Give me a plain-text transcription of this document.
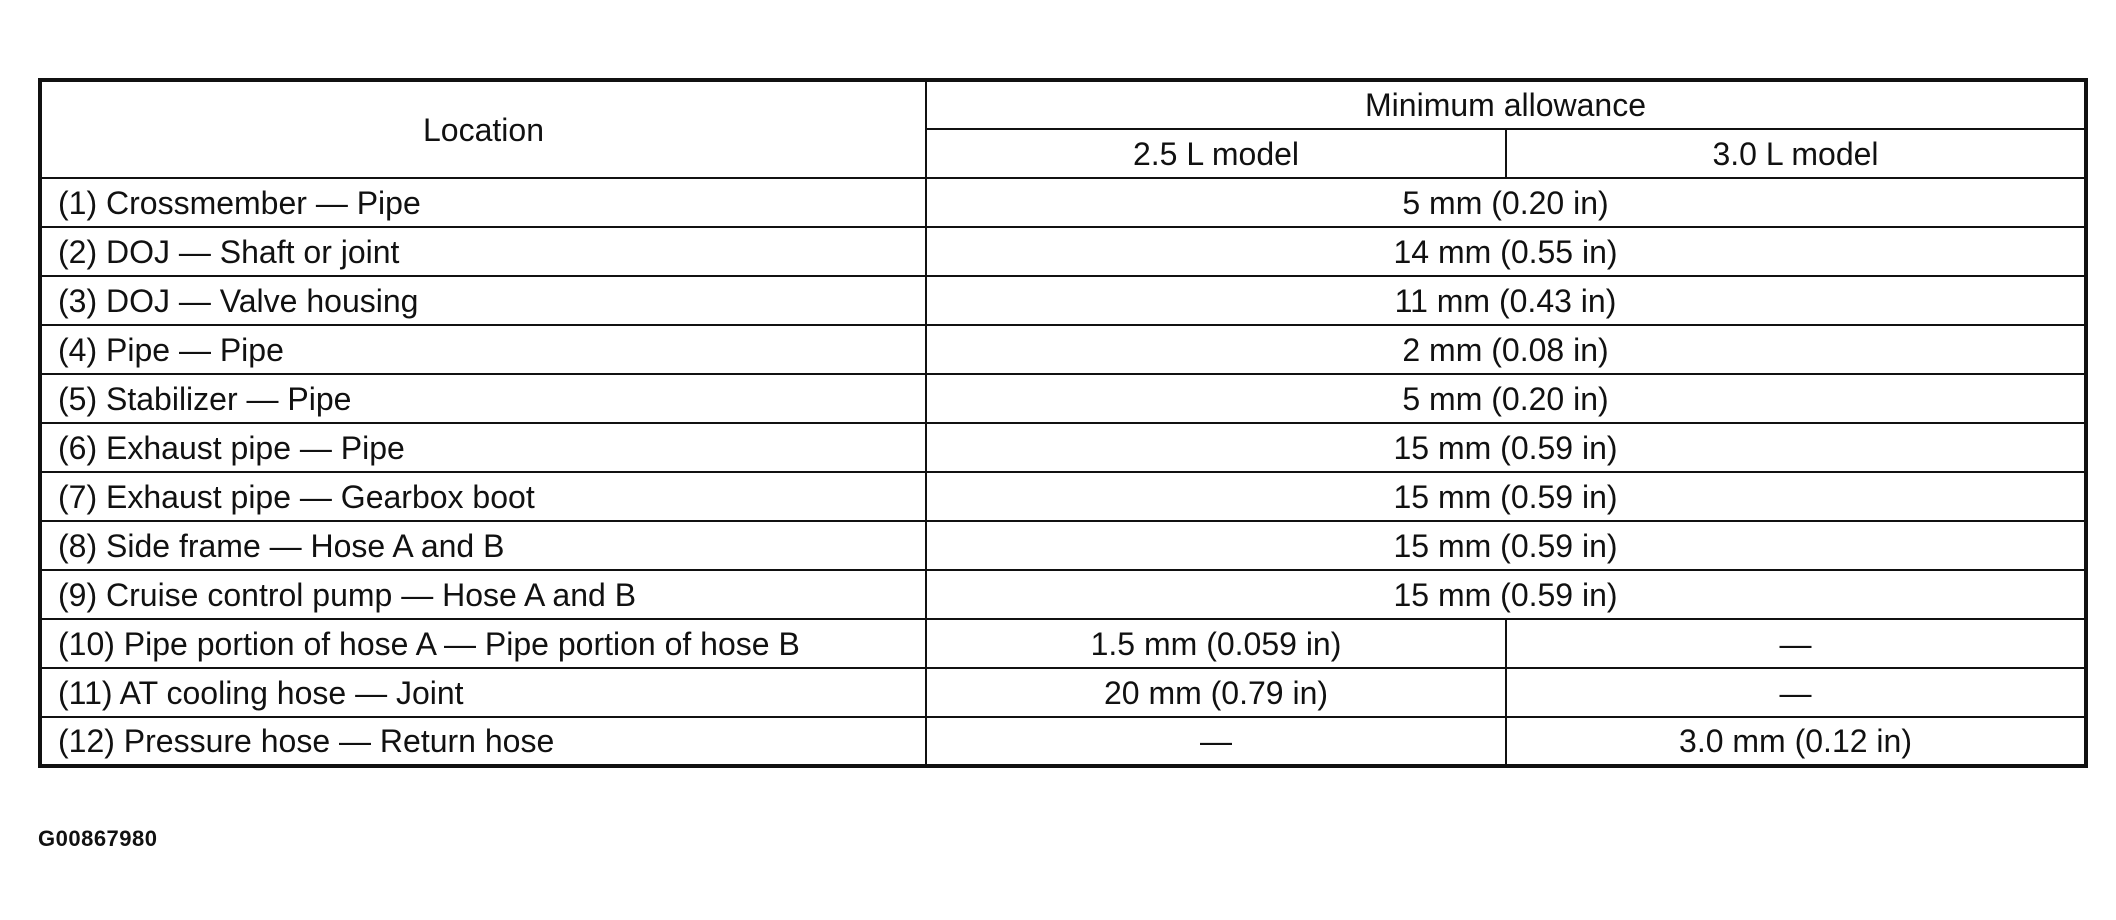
Location	Minimum allowance	
	2.5 L model	3.0 L model
(1) Crossmember — Pipe	5 mm (0.20 in)	
(2) DOJ — Shaft or joint	14 mm (0.55 in)	
(3) DOJ — Valve housing	11 mm (0.43 in)	
(4) Pipe — Pipe	2 mm (0.08 in)	
(5) Stabilizer — Pipe	5 mm (0.20 in)	
(6) Exhaust pipe — Pipe	15 mm (0.59 in)	
(7) Exhaust pipe — Gearbox boot	15 mm (0.59 in)	
(8) Side frame — Hose A and B	15 mm (0.59 in)	
(9) Cruise control pump — Hose A and B	15 mm (0.59 in)	
(10) Pipe portion of hose A — Pipe portion of hose B	1.5 mm (0.059 in)	—
(11) AT cooling hose — Joint	20 mm (0.79 in)	—
(12) Pressure hose — Return hose	—	3.0 mm (0.12 in)
G00867980
